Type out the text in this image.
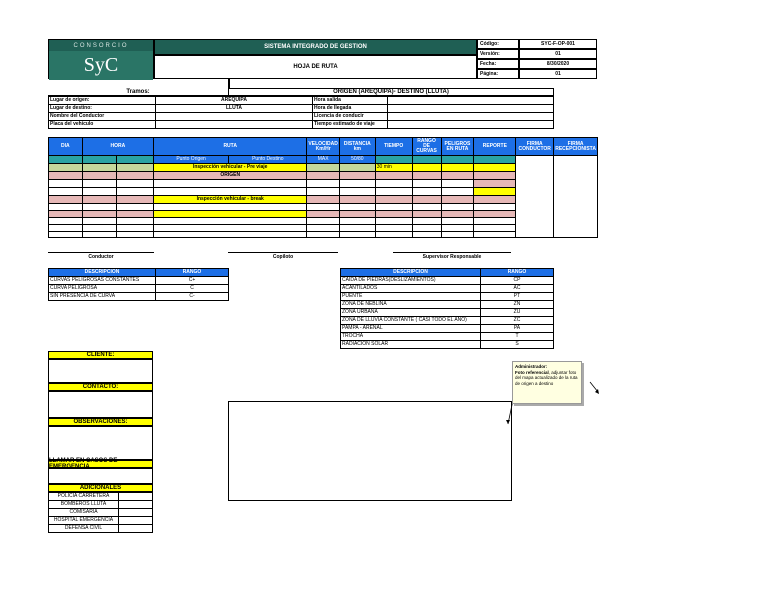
CONSORCIO
SyC
SISTEMA INTEGRADO DE GESTION
HOJA DE RUTA
Código:	SYC-F-OP-001
Versión:	01
Fecha:	8/30/2020
Página:	01
Tramos:	ORIGEN (AREQUIPA)- DESTINO (LLUTA)
Lugar de origen:	AREQUIPA	Hora salida	
Lugar de destino:	LLUTA	Hora de llegada	
Nombre del Conductor		Licencia de conducir	
Placa del vehículo		Tiempo estimado de viaje	
DIA	HORA		RUTA		VELOCIDAD Km/Hr	DISTANCIA km	TIEMPO	RANGO DE CURVAS	PELIGROS EN RUTA	REPORTE	FIRMA CONDUCTOR	FIRMA RECEPCIONISTA
			Punto Origen	Punto Destino	MAX	50/80						
			Inspección vehicular - Pre viaje				30 min					
			ORIGEN									

			Inspección vehicular - break									

Conductor	Copiloto	Supervisor Responsable
DESCRIPCION	RANGO
CURVAS PELIGROSAS CONSTANTES	C+
CURVA PELIGROSA	C
SIN PRESENCIA DE CURVA	C-
DESCRIPCION	RANGO
CAIDA DE PIEDRAS(DESLIZAMIENTOS)	CP
ACANTILADOS	AC
PUENTE	PT
ZONA DE NEBLINA	ZN
ZONA URBANA	ZU
ZONA DE LLUVIA CONSTANTE ( CASI TODO EL AÑO)	ZC
PAMPA - ARENAL	PA
TROCHA	T
RADIACION SOLAR	S
CLIENTE:
CONTACTO:
OBSERVACIONES:
LLAMAR EN CASOS DE EMERGENCIA
ADICIONALES
POLICIA CARRETERA	
BOMBEROS LLUTA	
COMISARÍA	
HOSPITAL EMERGENCIA	
DEFENSA CIVIL	
Administrador:
Foto referencial, adjuntar foto del mapa actualizado de la ruta de origen a destino
